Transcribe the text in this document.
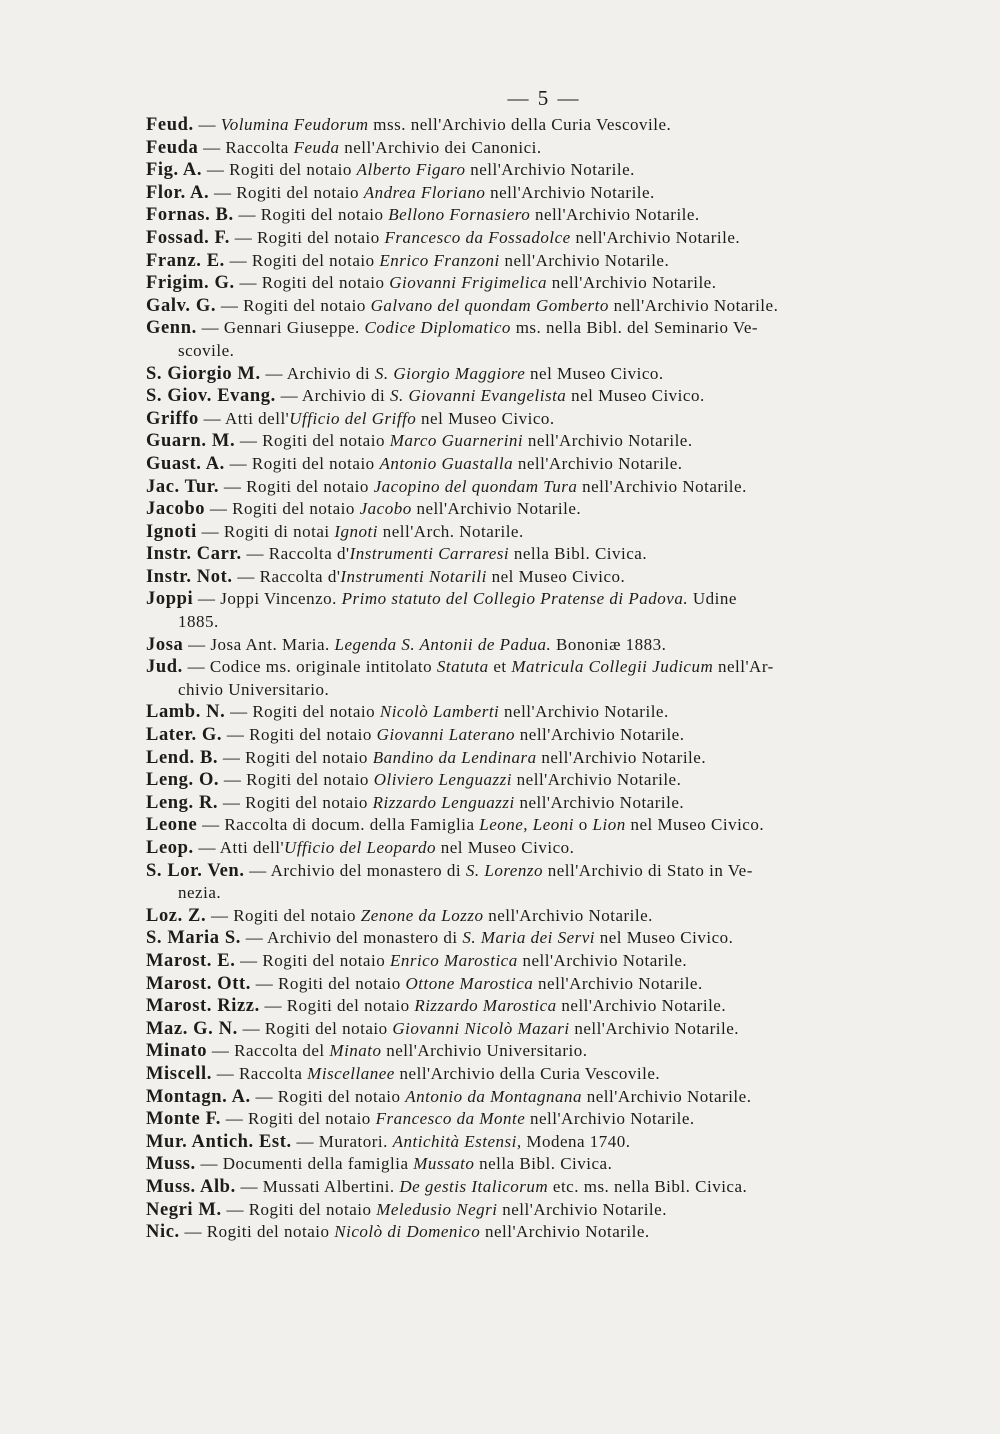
— 5 —
Feud. — Volumina Feudorum mss. nell'Archivio della Curia Vescovile.
Feuda — Raccolta Feuda nell'Archivio dei Canonici.
Fig. A. — Rogiti del notaio Alberto Figaro nell'Archivio Notarile.
Flor. A. — Rogiti del notaio Andrea Floriano nell'Archivio Notarile.
Fornas. B. — Rogiti del notaio Bellono Fornasiero nell'Archivio Notarile.
Fossad. F. — Rogiti del notaio Francesco da Fossadolce nell'Archivio Notarile.
Franz. E. — Rogiti del notaio Enrico Franzoni nell'Archivio Notarile.
Frigim. G. — Rogiti del notaio Giovanni Frigimelica nell'Archivio Notarile.
Galv. G. — Rogiti del notaio Galvano del quondam Gomberto nell'Archivio Notarile.
Genn. — Gennari Giuseppe. Codice Diplomatico ms. nella Bibl. del Seminario Ve-
scovile.
S. Giorgio M. — Archivio di S. Giorgio Maggiore nel Museo Civico.
S. Giov. Evang. — Archivio di S. Giovanni Evangelista nel Museo Civico.
Griffo — Atti dell'Ufficio del Griffo nel Museo Civico.
Guarn. M. — Rogiti del notaio Marco Guarnerini nell'Archivio Notarile.
Guast. A. — Rogiti del notaio Antonio Guastalla nell'Archivio Notarile.
Jac. Tur. — Rogiti del notaio Jacopino del quondam Tura nell'Archivio Notarile.
Jacobo — Rogiti del notaio Jacobo nell'Archivio Notarile.
Ignoti — Rogiti di notai Ignoti nell'Arch. Notarile.
Instr. Carr. — Raccolta d'Instrumenti Carraresi nella Bibl. Civica.
Instr. Not. — Raccolta d'Instrumenti Notarili nel Museo Civico.
Joppi — Joppi Vincenzo. Primo statuto del Collegio Pratense di Padova. Udine
1885.
Josa — Josa Ant. Maria. Legenda S. Antonii de Padua. Bononiæ 1883.
Jud. — Codice ms. originale intitolato Statuta et Matricula Collegii Judicum nell'Ar-
chivio Universitario.
Lamb. N. — Rogiti del notaio Nicolò Lamberti nell'Archivio Notarile.
Later. G. — Rogiti del notaio Giovanni Laterano nell'Archivio Notarile.
Lend. B. — Rogiti del notaio Bandino da Lendinara nell'Archivio Notarile.
Leng. O. — Rogiti del notaio Oliviero Lenguazzi nell'Archivio Notarile.
Leng. R. — Rogiti del notaio Rizzardo Lenguazzi nell'Archivio Notarile.
Leone — Raccolta di docum. della Famiglia Leone, Leoni o Lion nel Museo Civico.
Leop. — Atti dell'Ufficio del Leopardo nel Museo Civico.
S. Lor. Ven. — Archivio del monastero di S. Lorenzo nell'Archivio di Stato in Ve-
nezia.
Loz. Z. — Rogiti del notaio Zenone da Lozzo nell'Archivio Notarile.
S. Maria S. — Archivio del monastero di S. Maria dei Servi nel Museo Civico.
Marost. E. — Rogiti del notaio Enrico Marostica nell'Archivio Notarile.
Marost. Ott. — Rogiti del notaio Ottone Marostica nell'Archivio Notarile.
Marost. Rizz. — Rogiti del notaio Rizzardo Marostica nell'Archivio Notarile.
Maz. G. N. — Rogiti del notaio Giovanni Nicolò Mazari nell'Archivio Notarile.
Minato — Raccolta del Minato nell'Archivio Universitario.
Miscell. — Raccolta Miscellanee nell'Archivio della Curia Vescovile.
Montagn. A. — Rogiti del notaio Antonio da Montagnana nell'Archivio Notarile.
Monte F. — Rogiti del notaio Francesco da Monte nell'Archivio Notarile.
Mur. Antich. Est. — Muratori. Antichità Estensi, Modena 1740.
Muss. — Documenti della famiglia Mussato nella Bibl. Civica.
Muss. Alb. — Mussati Albertini. De gestis Italicorum etc. ms. nella Bibl. Civica.
Negri M. — Rogiti del notaio Meledusio Negri nell'Archivio Notarile.
Nic. — Rogiti del notaio Nicolò di Domenico nell'Archivio Notarile.
